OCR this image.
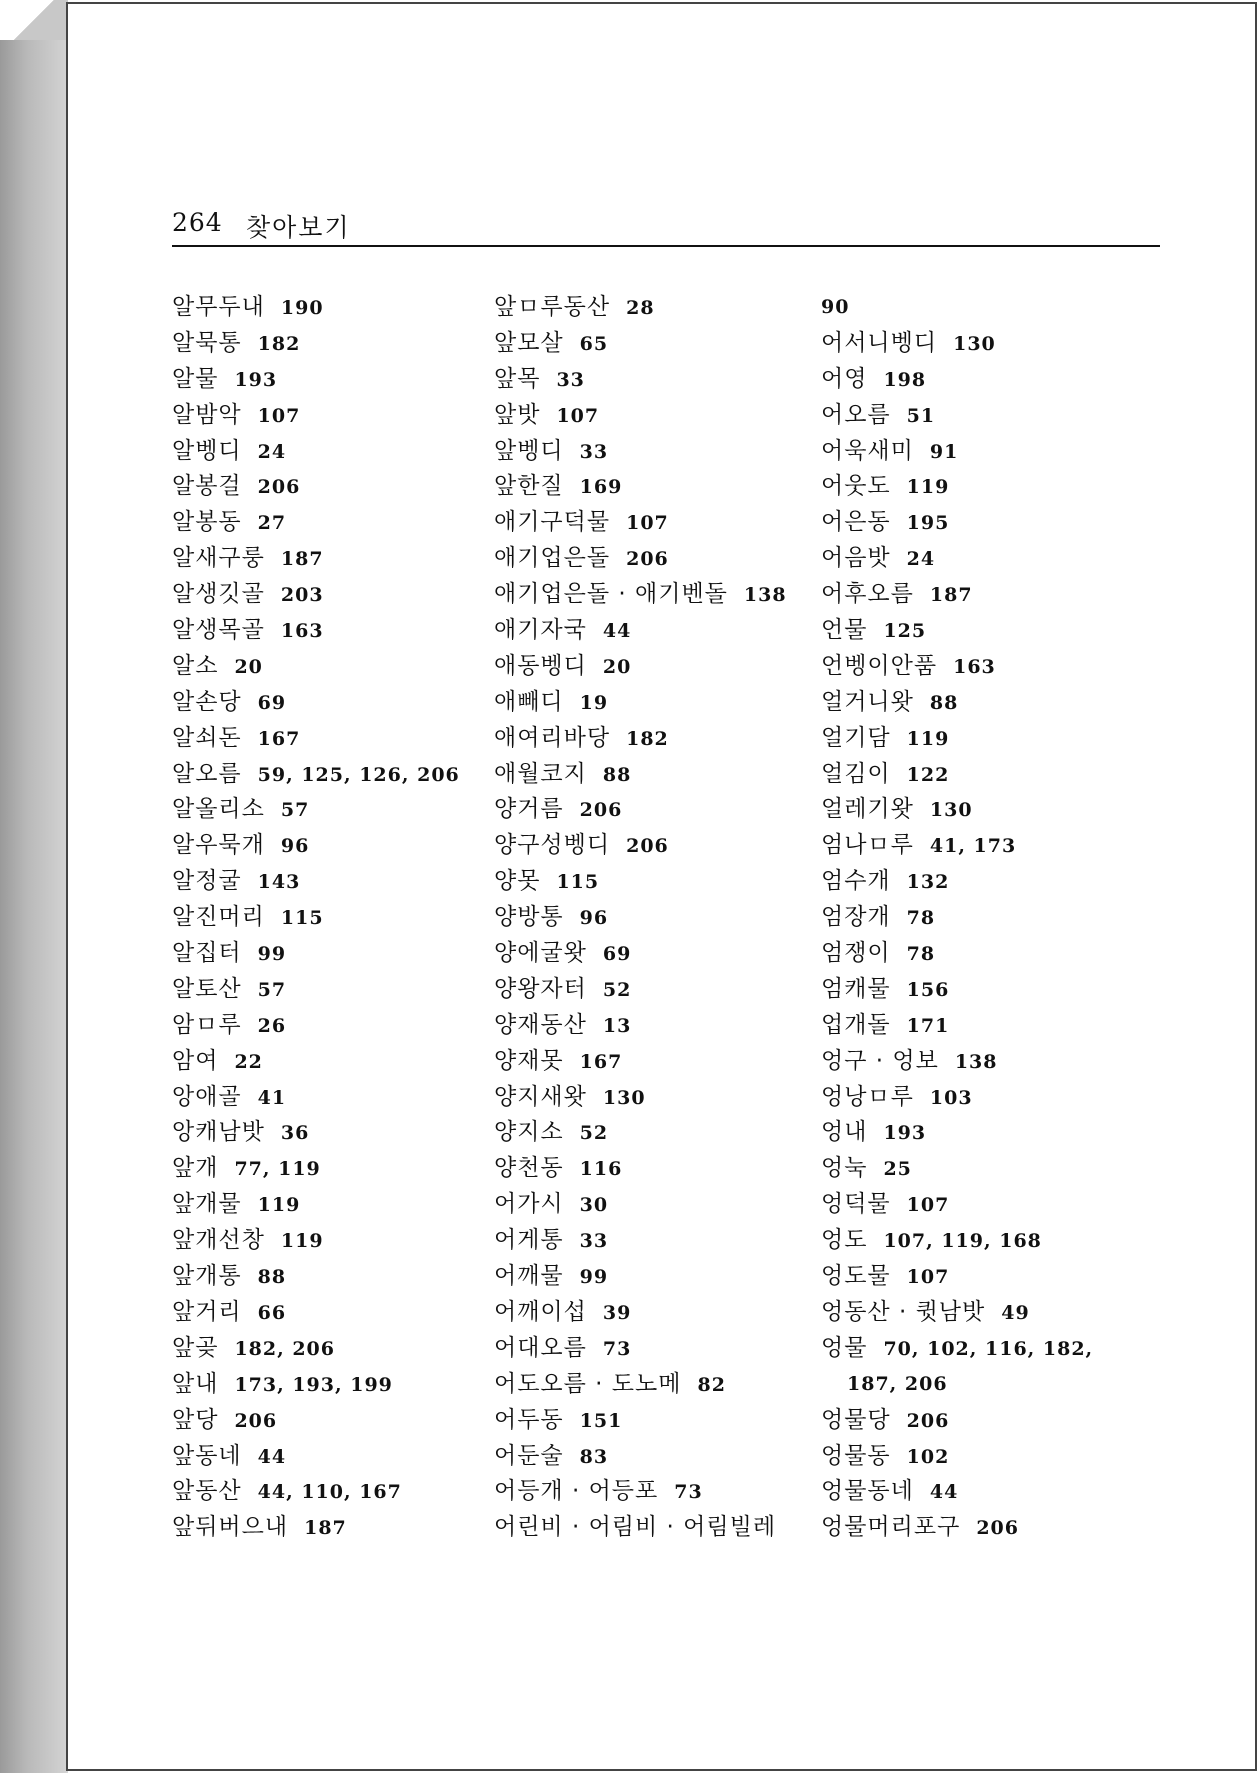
264 찾아보기
알무두내 190
알묵통 182
알물 193
알밤악 107
알벵디 24
알봉걸 206
알봉동 27
알새구룽 187
알생깃골 203
알생목골 163
알소 20
알손당 69
알쇠돈 167
알오름 59, 125, 126, 206
알올리소 57
알우묵개 96
알정굴 143
알진머리 115
알집터 99
알토산 57
암ㅁ루 26
암여 22
앙애골 41
앙캐남밧 36
앞개 77, 119
앞개물 119
앞개선창 119
앞개통 88
앞거리 66
앞곶 182, 206
앞내 173, 193, 199
앞당 206
앞동네 44
앞동산 44, 110, 167
앞뒤버으내 187
앞ㅁ루동산 28
앞모살 65
앞목 33
앞밧 107
앞벵디 33
앞한질 169
애기구덕물 107
애기업은돌 206
애기업은돌 · 애기벤돌 138
애기자국 44
애동벵디 20
애빼디 19
애여리바당 182
애월코지 88
양거름 206
양구성벵디 206
양못 115
양방통 96
양에굴왓 69
양왕자터 52
양재동산 13
양재못 167
양지새왓 130
양지소 52
양천동 116
어가시 30
어게통 33
어깨물 99
어깨이섭 39
어대오름 73
어도오름 · 도노메 82
어두동 151
어둔술 83
어등개 · 어등포 73
어린비 · 어림비 · 어림빌레
90
어서니벵디 130
어영 198
어오름 51
어욱새미 91
어웃도 119
어은동 195
어음밧 24
어후오름 187
언물 125
언벵이안품 163
얼거니왓 88
얼기담 119
얼김이 122
얼레기왓 130
엄나ㅁ루 41, 173
엄수개 132
엄장개 78
엄쟁이 78
엄캐물 156
업개돌 171
엉구 · 엉보 138
엉낭ㅁ루 103
엉내 193
엉눅 25
엉덕물 107
엉도 107, 119, 168
엉도물 107
엉동산 · 큇남밧 49
엉물 70, 102, 116, 182,
187, 206
엉물당 206
엉물동 102
엉물동네 44
엉물머리포구 206
